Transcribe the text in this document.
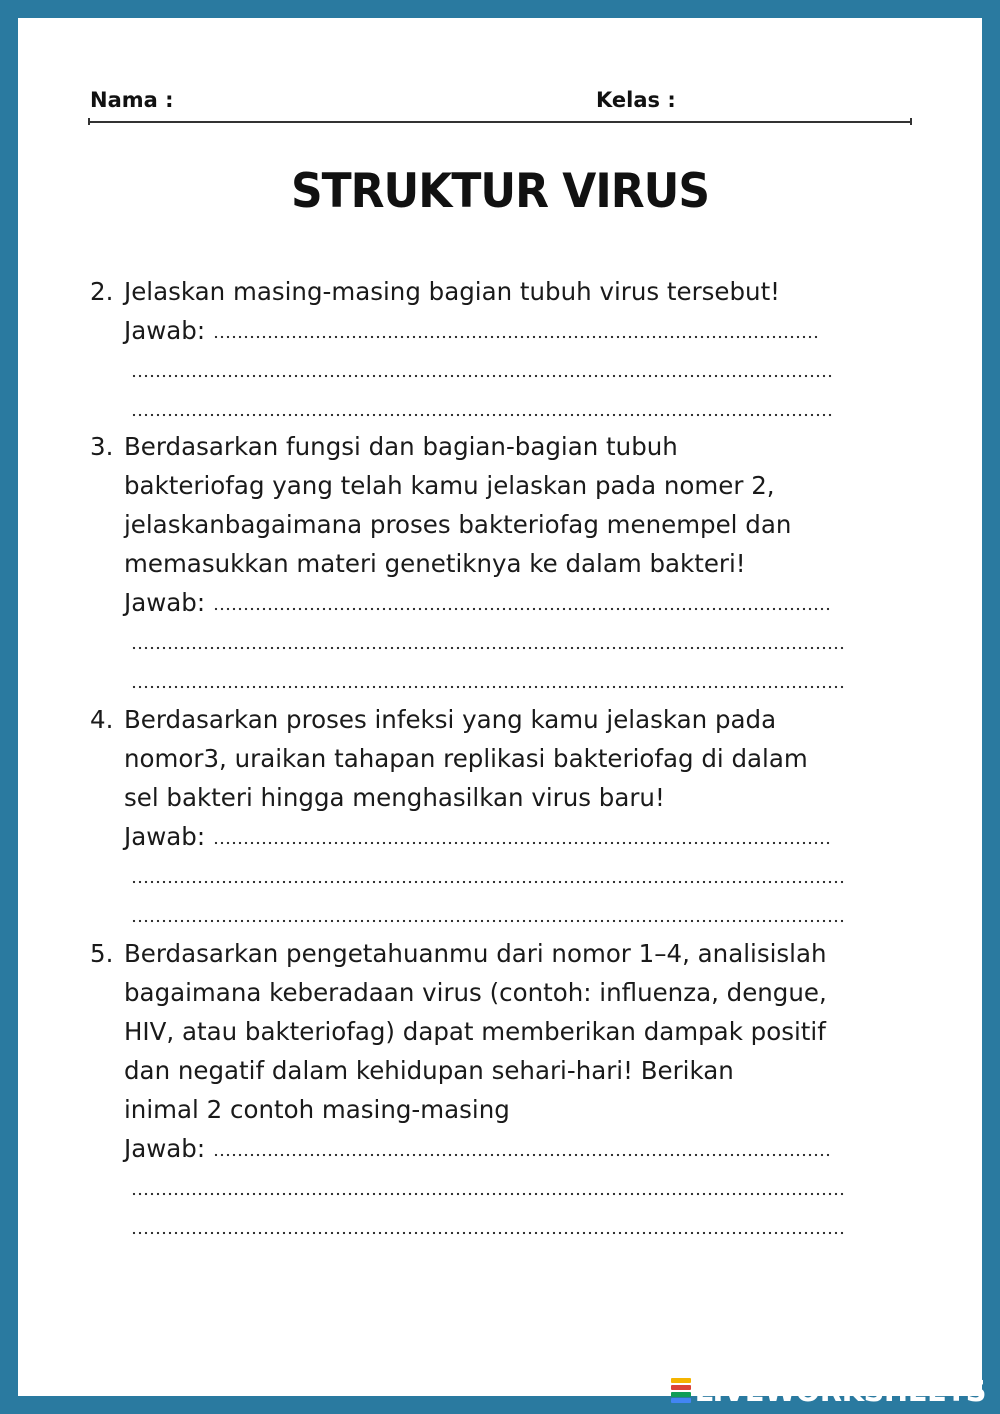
Nama :	Kelas :
STRUKTUR VIRUS
2. Jelaskan masing-masing bagian tubuh virus tersebut!
Jawab:
3. Berdasarkan fungsi dan bagian-bagian tubuh
bakteriofag yang telah kamu jelaskan pada nomer 2,
jelaskanbagaimana proses bakteriofag menempel dan
memasukkan materi genetiknya ke dalam bakteri!
Jawab:
4. Berdasarkan proses infeksi yang kamu jelaskan pada
nomor3, uraikan tahapan replikasi bakteriofag di dalam
sel bakteri hingga menghasilkan virus baru!
Jawab:
5. Berdasarkan pengetahuanmu dari nomor 1–4, analisislah
bagaimana keberadaan virus (contoh: influenza, dengue,
HIV, atau bakteriofag) dapat memberikan dampak positif
dan negatif dalam kehidupan sehari-hari! Berikan
inimal 2 contoh masing-masing
Jawab:
LIVEWORKSHEETS
